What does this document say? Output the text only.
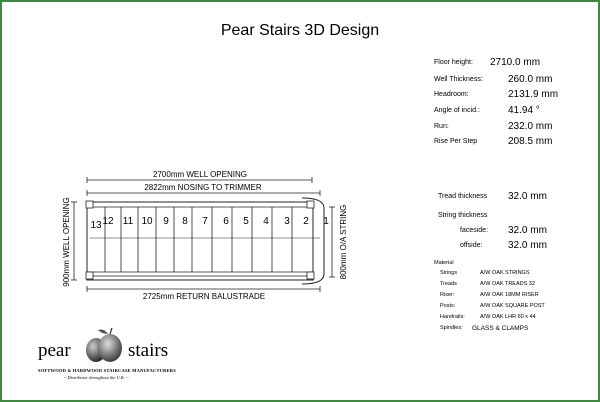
Pear Stairs 3D Design
2700mm WELL OPENING
2822mm NOSING TO TRIMMER
2725mm RETURN BALUSTRADE
900mm WELL OPENING	800mm O/A STRING
13 12 11 10 9 8 7 6 5 4 3 2 1
Floor height: 2710.0 mm
Well Thickness:	260.0 mm
Headroom:	2131.9 mm
Angle of incid.:	41.94 °
Run:	232.0 mm
Rise Per Step	208.5 mm
Tread thickness 32.0 mm
String thickness
faceside: 32.0 mm
offside:	32.0 mm
Material
Strings	A/W OAK STRINGS
Treads	A/W OAK TREADS 32
Riser:	A/W OAK 18MM RISER
Posts:	A/W OAK SQUARE POST
Handrails:	A/W OAK LHR 60 x 44
Spindles: GLASS & CLAMPS
pear	stairs
SOFTWOOD & HARDWOOD STAIRCASE MANUFACTURERS
~ Distributor throughout the U.K. ~
